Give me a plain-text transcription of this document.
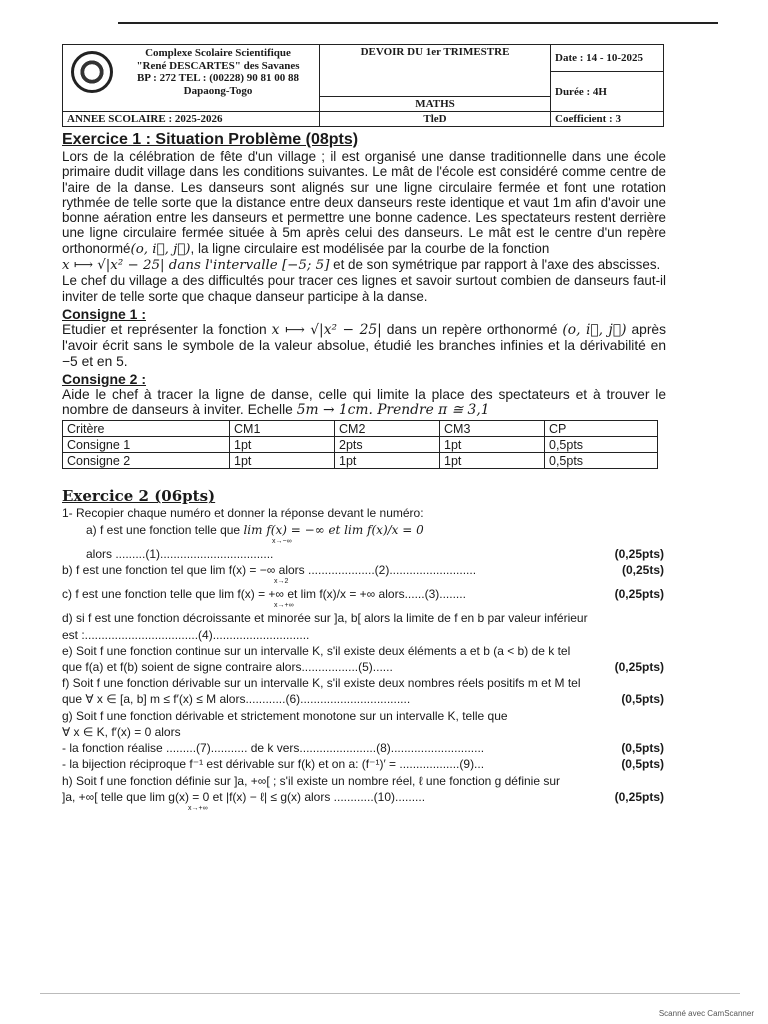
Complexe Scolaire Scientifique
"René DESCARTES" des Savanes
BP : 272 TEL : (00228) 90 81 00 88
Dapaong-Togo	DEVOIR DU 1er TRIMESTRE	Date : 14 - 10-2025
		Durée : 4H
	MATHS	
ANNEE SCOLAIRE : 2025-2026	TleD	Coefficient : 3

Exercice 1 : Situation Problème (08pts)

Lors de la célébration de fête d'un village ; il est organisé une danse traditionnelle dans une école primaire dudit village dans les conditions suivantes. Le mât de l'école est considéré comme centre de l'aire de la danse. Les danseurs sont alignés sur une ligne circulaire fermée et font une rotation rythmée de telle sorte que la distance entre deux danseurs reste identique et vaut 1m afin d'avoir une bonne aération entre les danseurs et permettre une bonne cadence. Les spectateurs restent derrière une ligne circulaire fermée située à 5m après celui des danseurs. Le mât est le centre d'un repère orthonormé(o, i⃗, j⃗), la ligne circulaire est modélisée par la courbe de la fonction

x ⟼ √|x² − 25| dans l'intervalle [−5; 5] et de son symétrique par rapport à l'axe des abscisses.

Le chef du village a des difficultés pour tracer ces lignes et savoir surtout combien de danseurs faut-il inviter de telle sorte que chaque danseur participe à la danse.

Consigne 1 :

Etudier et représenter la fonction x ⟼ √|x² − 25| dans un repère orthonormé (o, i⃗, j⃗) après l'avoir écrit sans le symbole de la valeur absolue, étudié les branches infinies et la dérivabilité en −5 et en 5.

Consigne 2 :

Aide le chef à tracer la ligne de danse, celle qui limite la place des spectateurs et à trouver le nombre de danseurs à inviter. Echelle 5m → 1cm. Prendre π ≅ 3,1

Critère	CM1	CM2	CM3	CP
Consigne 1	1pt	2pts	1pt	0,5pts
Consigne 2	1pt	1pt	1pt	0,5pts

Exercice 2 (06pts)

1- Recopier chaque numéro et donner la réponse devant le numéro:

a) f est une fonction telle que lim f(x) = −∞ et lim f(x)/x = 0

x→−∞

alors .........(1)..................................	(0,25pts)

b) f est une fonction tel que lim f(x) = −∞ alors ....................(2)..........................	(0,25ts)

x→2

c) f est une fonction telle que lim f(x) = +∞ et lim f(x)/x = +∞ alors......(3)........	(0,25pts)

x→+∞

d) si f est une fonction décroissante et minorée sur ]a, b[ alors la limite de f en b par valeur inférieur

est :..................................(4).............................

e) Soit f une fonction continue sur un intervalle K, s'il existe deux éléments a et b (a < b) de k tel

que f(a) et f(b) soient de signe contraire alors.................(5)......	(0,25pts)

f) Soit f une fonction dérivable sur un intervalle K, s'il existe deux nombres réels positifs m et M tel

que ∀ x ∈ [a, b] m ≤ f′(x) ≤ M alors............(6).................................	(0,5pts)

g) Soit f une fonction dérivable et strictement monotone sur un intervalle K, telle que

∀ x ∈ K, f′(x) = 0 alors

- la fonction réalise .........(7)........... de k vers.......................(8)............................	(0,5pts)

- la bijection réciproque f⁻¹ est dérivable sur f(k) et on a: (f⁻¹)′ = ..................(9)...	(0,5pts)

h) Soit f une fonction définie sur ]a, +∞[ ; s'il existe un nombre réel, ℓ une fonction g définie sur

]a, +∞[ telle que lim g(x) = 0 et |f(x) − ℓ| ≤ g(x) alors ............(10).........	(0,25pts)

x→+∞

Scanné avec CamScanner
